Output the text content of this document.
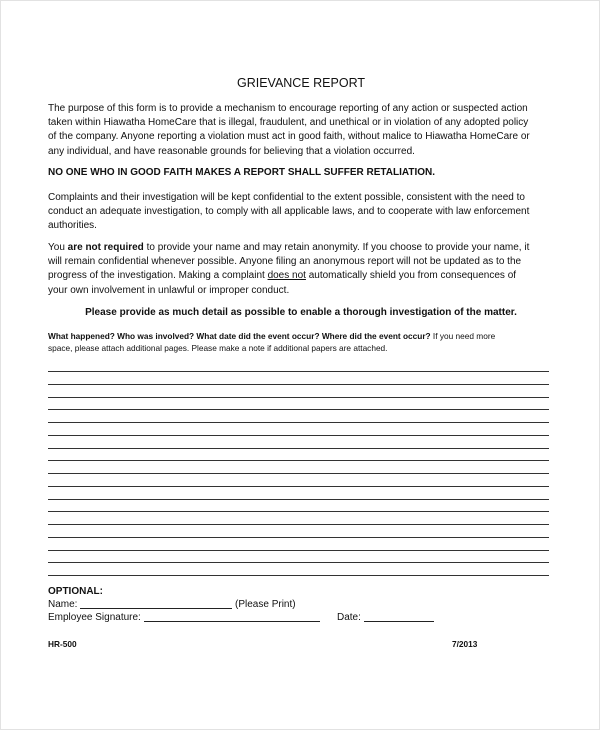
GRIEVANCE REPORT
The purpose of this form is to provide a mechanism to encourage reporting of any action or suspected action
taken within Hiawatha HomeCare that is illegal, fraudulent, and unethical or in violation of any adopted policy
of the company. Anyone reporting a violation must act in good faith, without malice to Hiawatha HomeCare or
any individual, and have reasonable grounds for believing that a violation occurred.
NO ONE WHO IN GOOD FAITH MAKES A REPORT SHALL SUFFER RETALIATION.
Complaints and their investigation will be kept confidential to the extent possible, consistent with the need to
conduct an adequate investigation, to comply with all applicable laws, and to cooperate with law enforcement
authorities.
You are not required to provide your name and may retain anonymity. If you choose to provide your name, it
will remain confidential whenever possible. Anyone filing an anonymous report will not be updated as to the
progress of the investigation. Making a complaint does not automatically shield you from consequences of
your own involvement in unlawful or improper conduct.
Please provide as much detail as possible to enable a thorough investigation of the matter.
What happened? Who was involved? What date did the event occur? Where did the event occur? If you need more
space, please attach additional pages. Please make a note if additional papers are attached.
OPTIONAL:
Name:	(Please Print)
Employee Signature:	Date:
HR-500	7/2013
